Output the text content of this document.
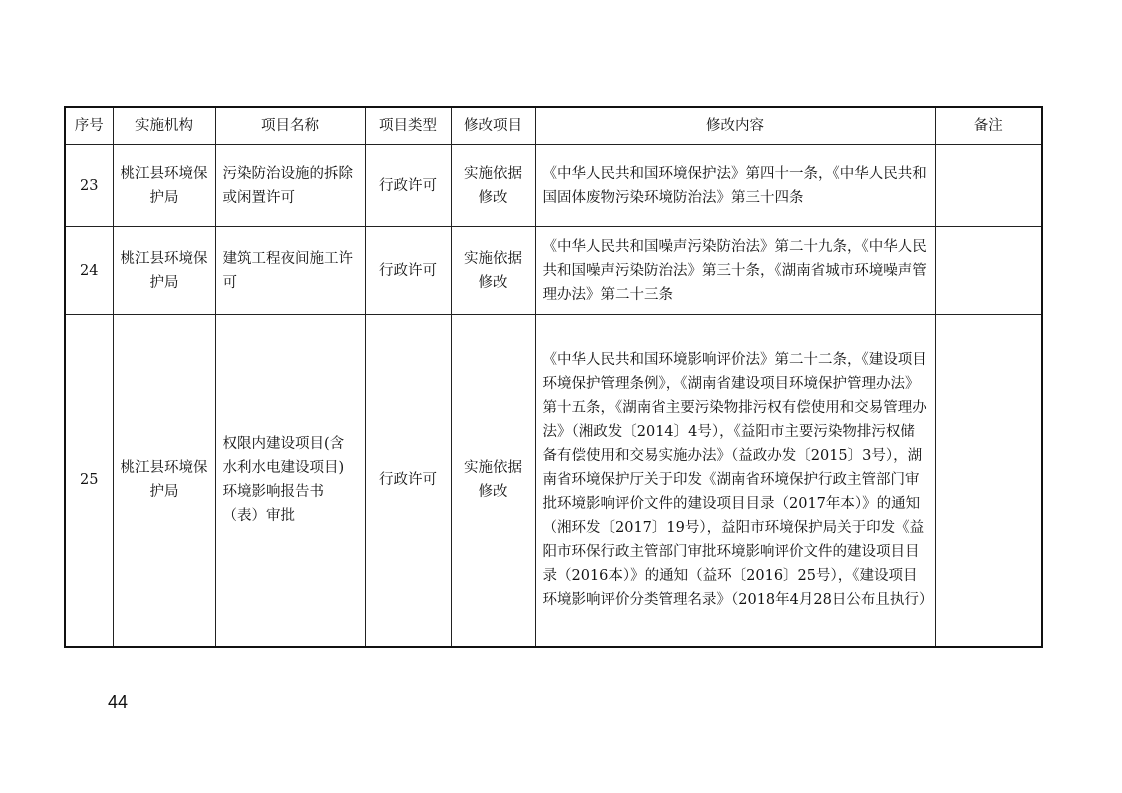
序号	实施机构	项目名称	项目类型	修改项目	修改内容	备注
23	桃江县环境保护局	污染防治设施的拆除或闲置许可	行政许可	实施依据修改	《中华人民共和国环境保护法》第四十一条，《中华人民共和国固体废物污染环境防治法》第三十四条	
24	桃江县环境保护局	建筑工程夜间施工许可	行政许可	实施依据修改	《中华人民共和国噪声污染防治法》第二十九条，《中华人民共和国噪声污染防治法》第三十条，《湖南省城市环境噪声管理办法》第二十三条	
25	桃江县环境保护局	权限内建设项目(含水利水电建设项目)环境影响报告书（表）审批	行政许可	实施依据修改	《中华人民共和国环境影响评价法》第二十二条，《建设项目环境保护管理条例》，《湖南省建设项目环境保护管理办法》第十五条，《湖南省主要污染物排污权有偿使用和交易管理办法》（湘政发〔2014〕4号），《益阳市主要污染物排污权储备有偿使用和交易实施办法》（益政办发〔2015〕3号），湖南省环境保护厅关于印发《湖南省环境保护行政主管部门审批环境影响评价文件的建设项目目录（2017年本）》的通知（湘环发〔2017〕19号），益阳市环境保护局关于印发《益阳市环保行政主管部门审批环境影响评价文件的建设项目目录（2016本）》的通知（益环〔2016〕25号），《建设项目环境影响评价分类管理名录》（2018年4月28日公布且执行）	
44
